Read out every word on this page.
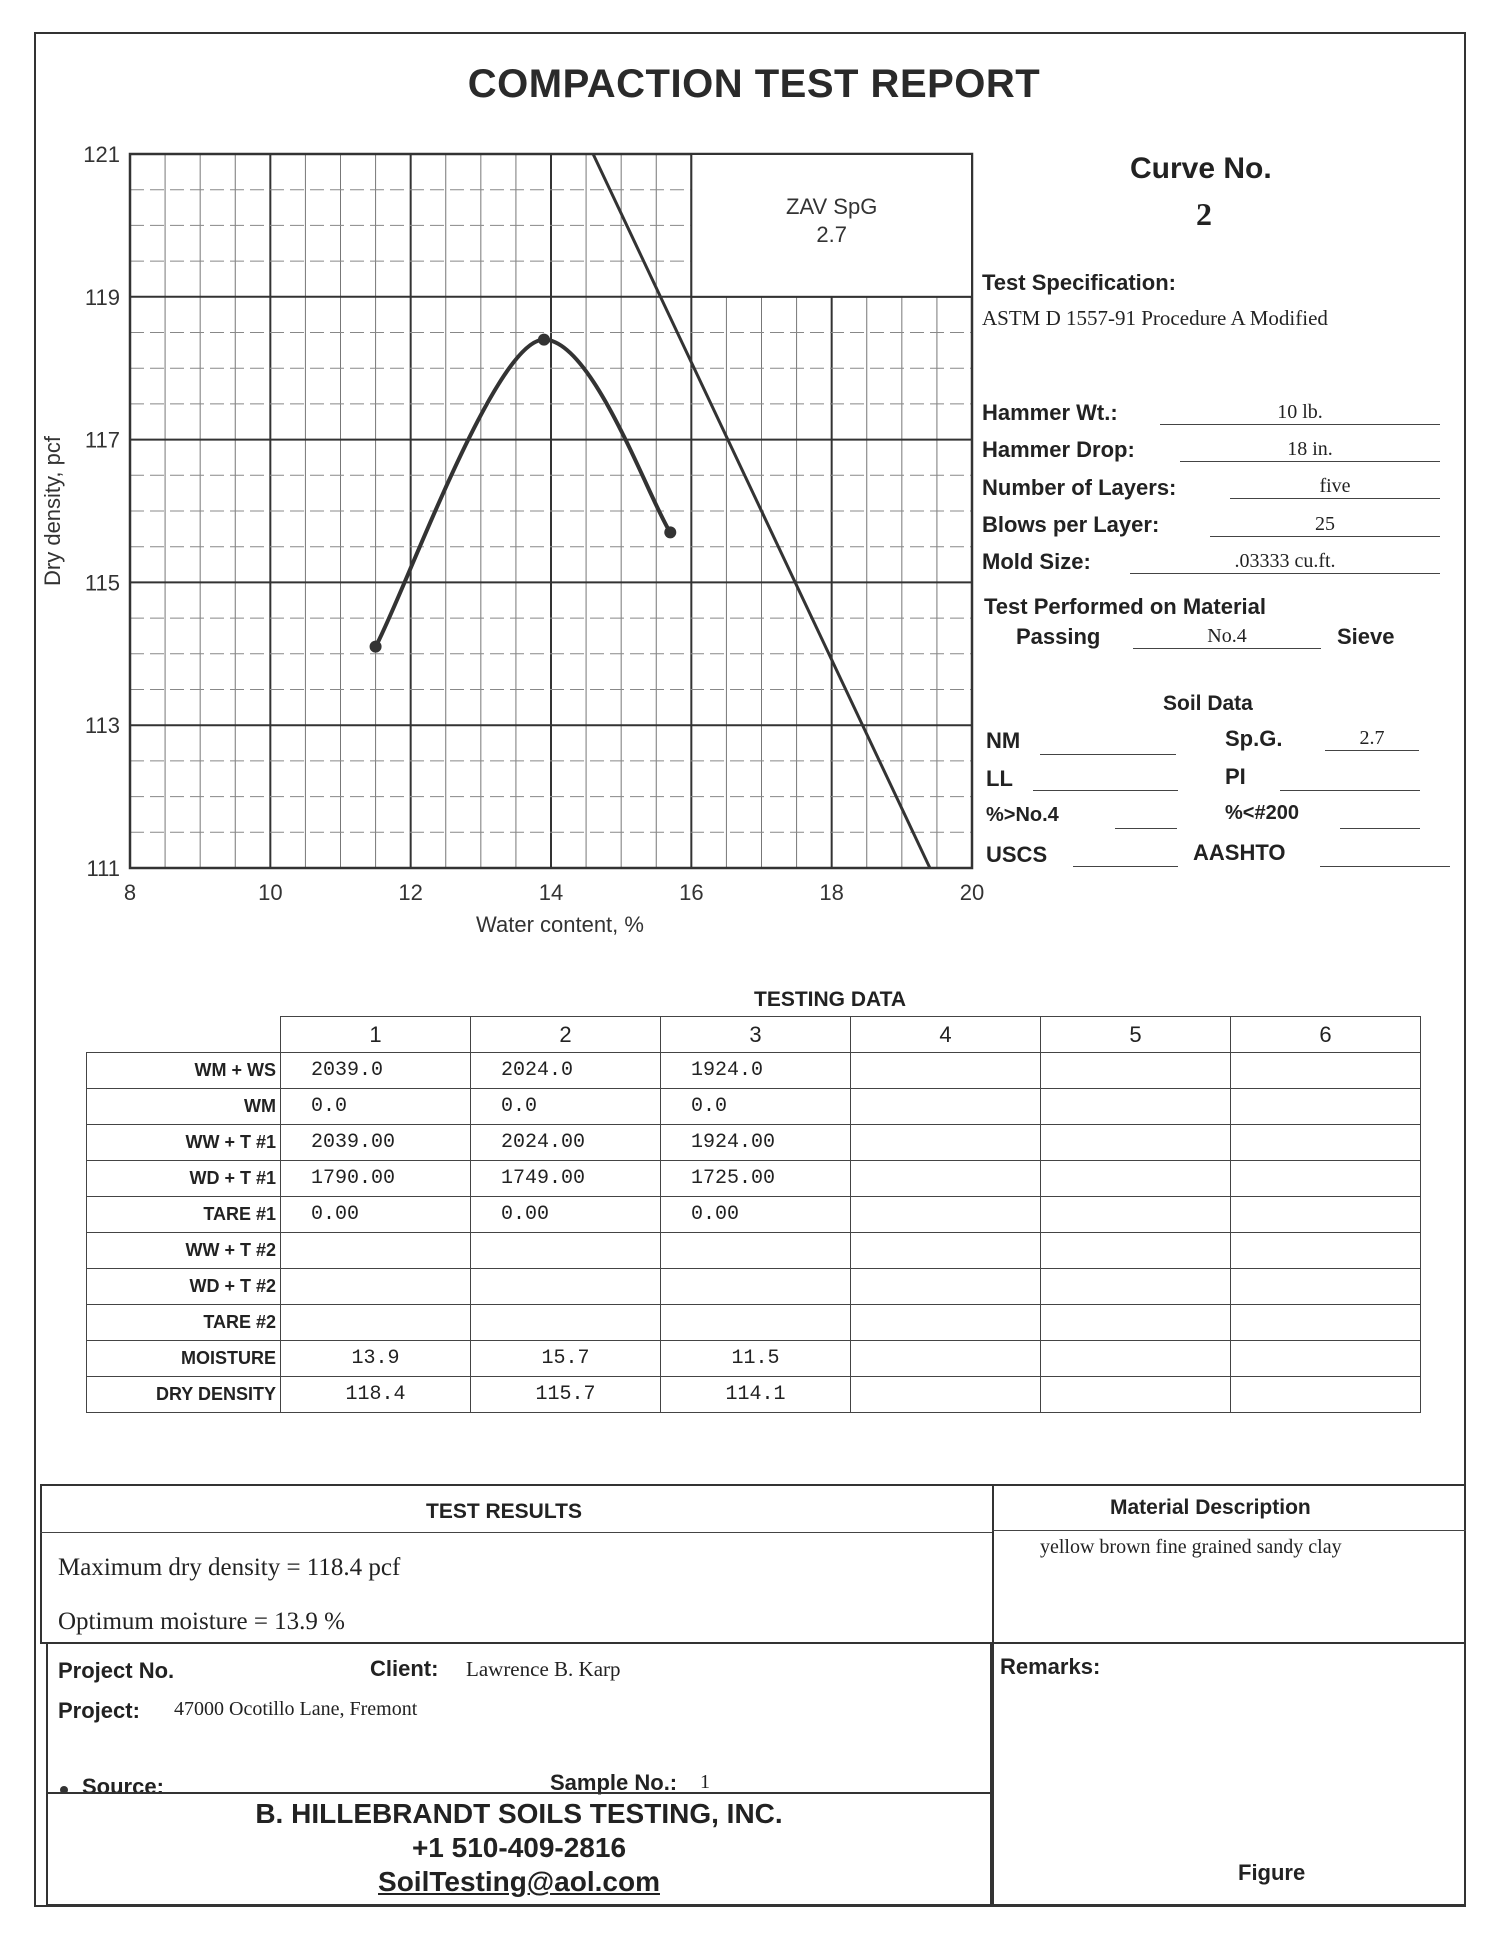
COMPACTION TEST REPORT
8	10	12	14	16	18	20
111
113
115
117
119
121
ZAV SpG
2.7
Water content, %
Dry density, pcf
Curve No.
2
Test Specification:
ASTM D 1557-91 Procedure A Modified
Hammer Wt.:	10 lb.
Hammer Drop:	18 in.
Number of Layers:	five
Blows per Layer:	25
Mold Size:	.03333 cu.ft.
Test Performed on Material
Passing	No.4	Sieve
Soil Data
NM	Sp.G.	2.7
LL	PI
%>No.4	%<#200
USCS	AASHTO
TESTING DATA
	1	2	3	4	5	6
WM + WS	2039.0	2024.0	1924.0			
WM	0.0	0.0	0.0			
WW + T #1	2039.00	2024.00	1924.00			
WD + T #1	1790.00	1749.00	1725.00			
TARE #1	0.00	0.00	0.00			
WW + T #2						
WD + T #2						
TARE #2						
MOISTURE	13.9	15.7	11.5			
DRY DENSITY	118.4	115.7	114.1			
TEST RESULTS
Maximum dry density = 118.4 pcf
Optimum moisture = 13.9 %
Material Description
yellow brown fine grained sandy clay
Project No.	Client: Lawrence B. Karp
Project: 47000 Ocotillo Lane, Fremont
Source:	Sample No.: 1
B. HILLEBRANDT SOILS TESTING, INC.
+1 510-409-2816
SoilTesting@aol.com
Remarks:
Figure
